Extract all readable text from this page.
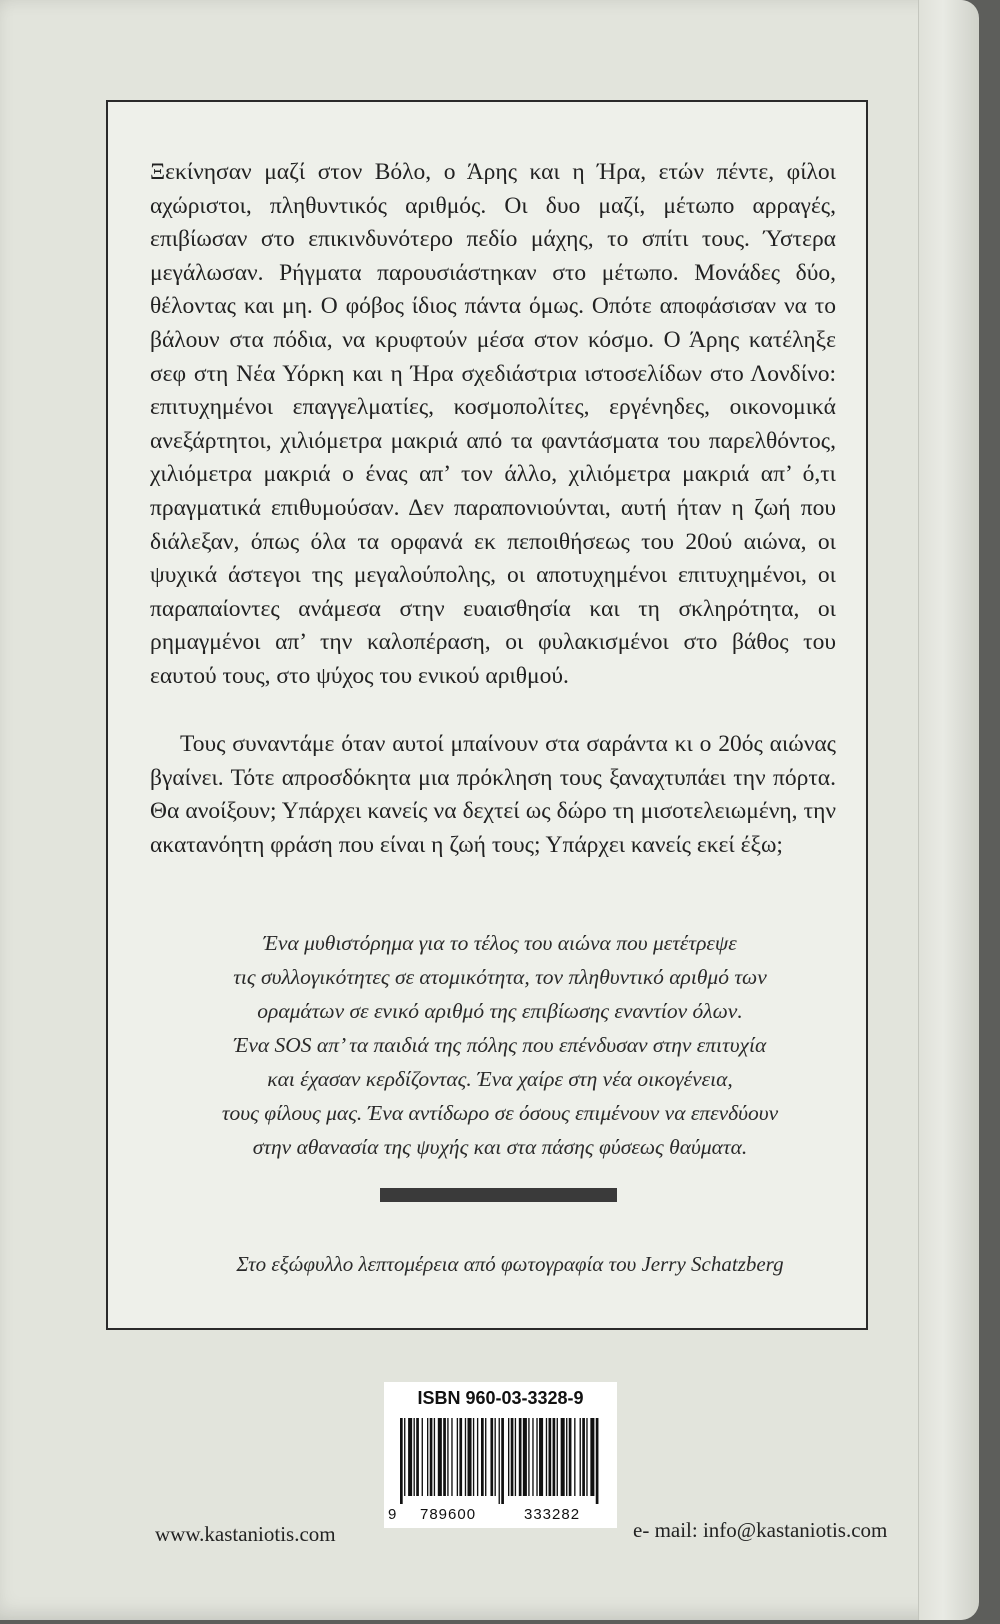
Ξεκίνησαν μαζί στον Βόλο, ο Άρης και η Ήρα, ετών πέντε, φίλοι αχώριστοι, πληθυντικός αριθμός. Οι δυο μαζί, μέτωπο αρραγές, επιβίωσαν στο επικινδυνότερο πεδίο μάχης, το σπίτι τους. Ύστερα μεγάλωσαν. Ρήγματα παρουσιάστηκαν στο μέτωπο. Μονάδες δύο, θέλοντας και μη. Ο φόβος ίδιος πάντα όμως. Οπότε αποφάσισαν να το βάλουν στα πόδια, να κρυφτούν μέσα στον κόσμο. Ο Άρης κατέληξε σεφ στη Νέα Υόρκη και η Ήρα σχεδιάστρια ιστοσελίδων στο Λονδίνο: επιτυχημένοι επαγγελματίες, κοσμοπολίτες, εργένηδες, οικονομικά ανεξάρτητοι, χιλιόμετρα μακριά από τα φαντάσματα του παρελθόντος, χιλιόμετρα μακριά ο ένας απ’ τον άλλο, χιλιόμετρα μακριά απ’ ό,τι πραγματικά επιθυμούσαν. Δεν παραπονιούνται, αυτή ήταν η ζωή που διάλεξαν, όπως όλα τα ορφανά εκ πεποιθήσεως του 20ού αιώνα, οι ψυχικά άστεγοι της μεγαλούπολης, οι αποτυχημένοι επιτυχημένοι, οι παραπαίοντες ανάμεσα στην ευαισθησία και τη σκληρότητα, οι ρημαγμένοι απ’ την καλοπέραση, οι φυλακισμένοι στο βάθος του εαυτού τους, στο ψύχος του ενικού αριθμού.

Τους συναντάμε όταν αυτοί μπαίνουν στα σαράντα κι ο 20ός αιώνας βγαίνει. Τότε απροσδόκητα μια πρόκληση τους ξαναχτυπάει την πόρτα. Θα ανοίξουν; Υπάρχει κανείς να δεχτεί ως δώρο τη μισοτελειωμένη, την ακατανόητη φράση που είναι η ζωή τους; Υπάρχει κανείς εκεί έξω;

Ένα μυθιστόρημα για το τέλος του αιώνα που μετέτρεψε
τις συλλογικότητες σε ατομικότητα, τον πληθυντικό αριθμό των
οραμάτων σε ενικό αριθμό της επιβίωσης εναντίον όλων.
Ένα SOS απ’ τα παιδιά της πόλης που επένδυσαν στην επιτυχία
και έχασαν κερδίζοντας. Ένα χαίρε στη νέα οικογένεια,
τους φίλους μας. Ένα αντίδωρο σε όσους επιμένουν να επενδύουν
στην αθανασία της ψυχής και στα πάσης φύσεως θαύματα.
Στο εξώφυλλο λεπτομέρεια από φωτογραφία του Jerry Schatzberg
ISBN 960-03-3328-9
9 789600	333282
www.kastaniotis.com	e- mail: info@kastaniotis.com
